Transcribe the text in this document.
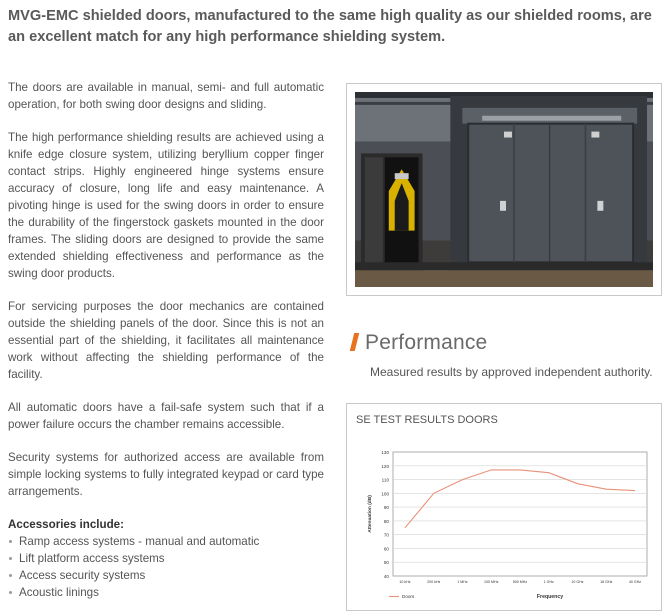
MVG-EMC shielded doors, manufactured to the same high quality as our shielded rooms, are an excellent match for any high performance shielding system.

The doors are available in manual, semi- and full automatic operation, for both swing door designs and sliding.

The high performance shielding results are achieved using a knife edge closure system, utilizing beryllium copper finger contact strips. Highly engineered hinge systems ensure accuracy of closure, long life and easy maintenance. A pivoting hinge is used for the swing doors in order to ensure the durability of the fingerstock gaskets mounted in the door frames. The sliding doors are designed to provide the same extended shielding effectiveness and performance as the swing door products.

For servicing purposes the door mechanics are contained outside the shielding panels of the door. Since this is not an essential part of the shielding, it facilitates all maintenance work without affecting the shielding performance of the facility.

All automatic doors have a fail-safe system such that if a power failure occurs the chamber remains accessible.

Security systems for authorized access are available from simple locking systems to fully integrated keypad or card type arrangements.

Accessories include:
Ramp access systems - manual and automatic
Lift platform access systems
Access security systems
Acoustic linings
Performance
Measured results by approved independent authority.
SE TEST RESULTS DOORS
40
50
60
70
80
90
100
110
120
130
10 kHz	200 kHz	1 MHz	100 MHz	500 MHz	1 GHz	10 GHz	18 GHz	40 GHz
Attenuation (dB)
Frequency
Doors
